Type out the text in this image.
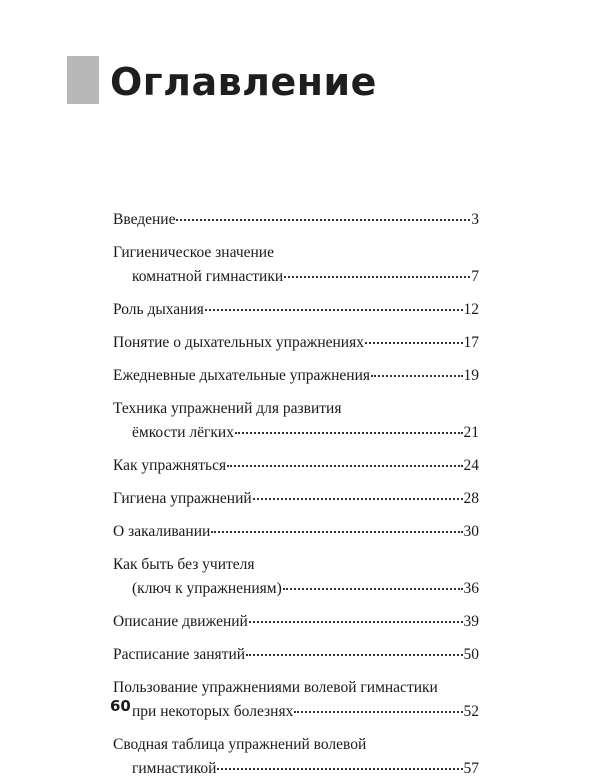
Оглавление
Введение	3
Гигиеническое значение
комнатной гимнастики	7
Роль дыхания	12
Понятие о дыхательных упражнениях	17
Ежедневные дыхательные упражнения	19
Техника упражнений для развития
ёмкости лёгких	21
Как упражняться	24
Гигиена упражнений	28
О закаливании	30
Как быть без учителя
(ключ к упражнениям)	36
Описание движений	39
Расписание занятий	50
Пользование упражнениями волевой гимнастики
при некоторых болезнях	52
Сводная таблица упражнений волевой
гимнастикой	57
60
